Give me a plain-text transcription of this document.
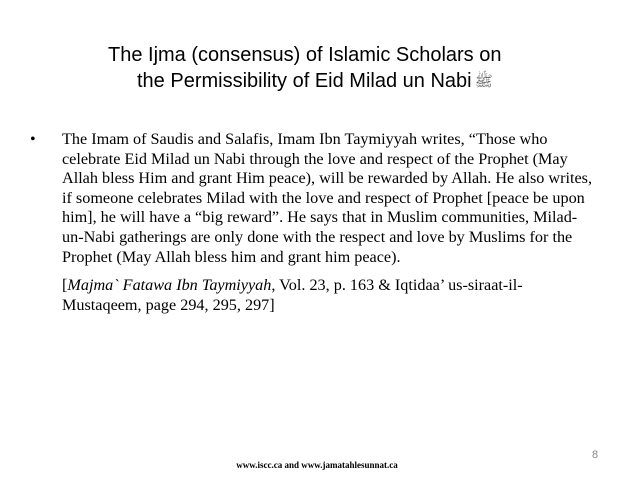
The Ijma (consensus) of Islamic Scholars on
the Permissibility of Eid Milad un Nabi ﷺ
•	The Imam of Saudis and Salafis, Imam Ibn Taymiyyah writes, “Those who celebrate Eid Milad un Nabi through the love and respect of the Prophet (May Allah bless Him and grant Him peace), will be rewarded by Allah. He also writes, if someone celebrates Milad with the love and respect of Prophet [peace be upon him], he will have a “big reward”. He says that in Muslim communities, Milad-un-Nabi gatherings are only done with the respect and love by Muslims for the Prophet (May Allah bless him and grant him peace).
[Majma` Fatawa Ibn Taymiyyah, Vol. 23, p. 163 & Iqtidaa’ us-siraat-il-Mustaqeem, page 294, 295, 297]
8
www.iscc.ca and www.jamatahlesunnat.ca
